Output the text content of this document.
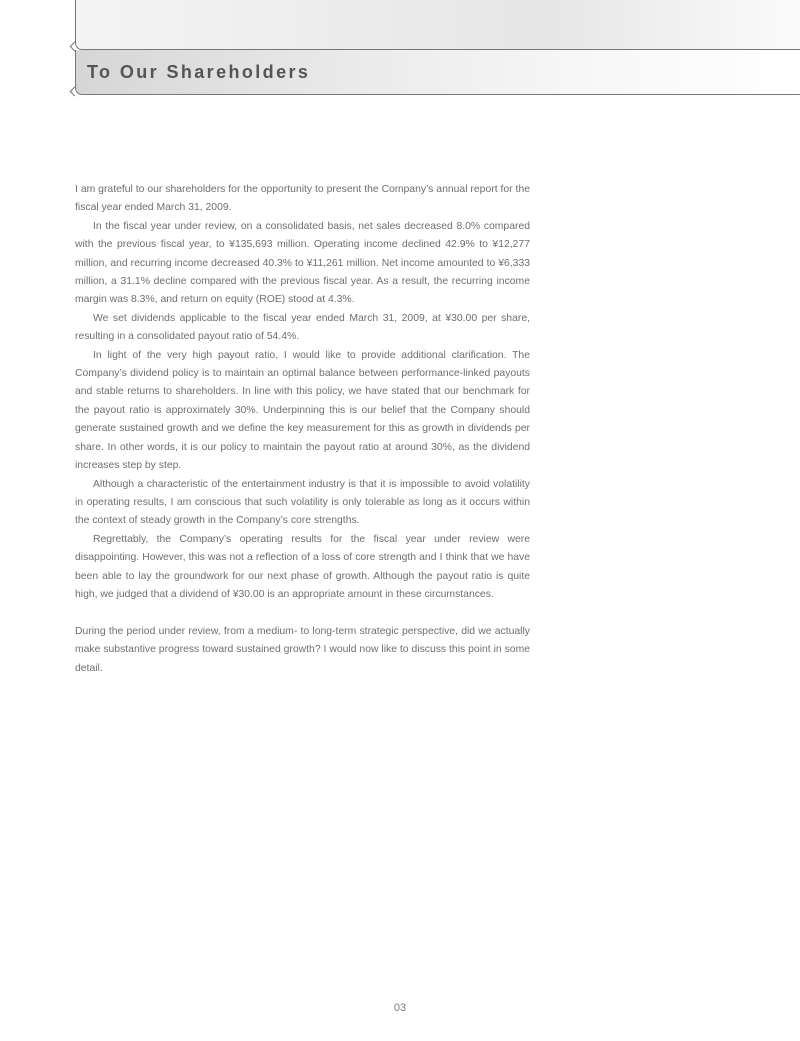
To Our Shareholders

I am grateful to our shareholders for the opportunity to present the Company’s annual report for the fiscal year ended March 31, 2009.

In the fiscal year under review, on a consolidated basis, net sales decreased 8.0% compared with the previous fiscal year, to ¥135,693 million. Operating income declined 42.9% to ¥12,277 million, and recurring income decreased 40.3% to ¥11,261 million. Net income amounted to ¥6,333 million, a 31.1% decline compared with the previous fiscal year. As a result, the recurring income margin was 8.3%, and return on equity (ROE) stood at 4.3%.

We set dividends applicable to the fiscal year ended March 31, 2009, at ¥30.00 per share, resulting in a consolidated payout ratio of 54.4%.

In light of the very high payout ratio, I would like to provide additional clarification. The Company’s dividend policy is to maintain an optimal balance between performance-linked payouts and stable returns to shareholders. In line with this policy, we have stated that our benchmark for the payout ratio is approximately 30%. Underpinning this is our belief that the Company should generate sustained growth and we define the key measurement for this as growth in dividends per share. In other words, it is our policy to maintain the payout ratio at around 30%, as the dividend increases step by step.

Although a characteristic of the entertainment industry is that it is impossible to avoid volatility in operating results, I am conscious that such volatility is only tolerable as long as it occurs within the context of steady growth in the Company’s core strengths.

Regrettably, the Company’s operating results for the fiscal year under review were disappointing. However, this was not a reflection of a loss of core strength and I think that we have been able to lay the groundwork for our next phase of growth. Although the payout ratio is quite high, we judged that a dividend of ¥30.00 is an appropriate amount in these circumstances.

During the period under review, from a medium- to long-term strategic perspective, did we actually make substantive progress toward sustained growth? I would now like to discuss this point in some detail.

03
